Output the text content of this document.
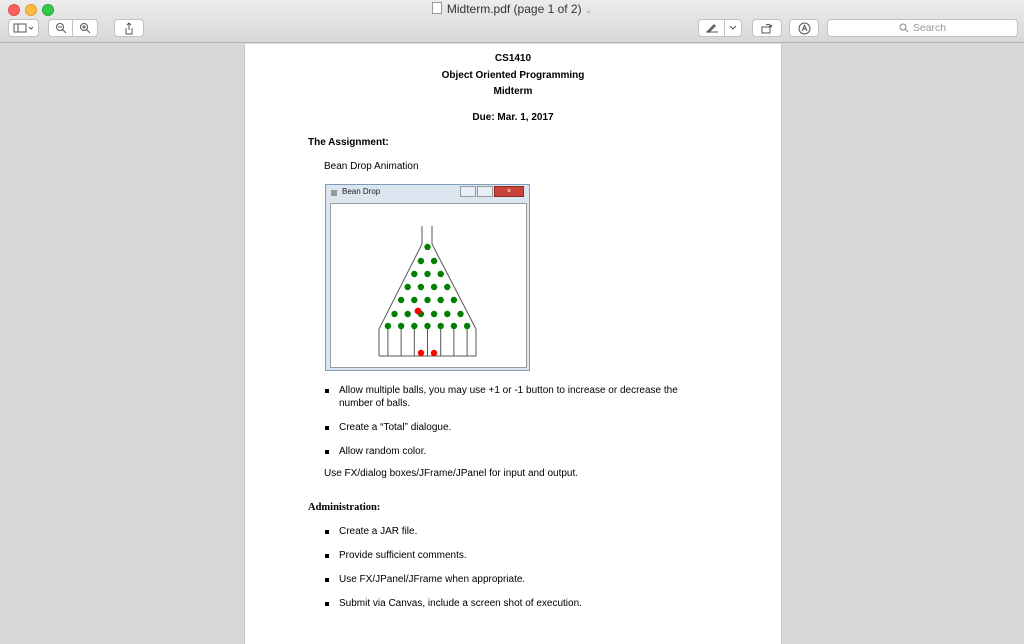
Midterm.pdf (page 1 of 2) ⌄
Search
CS1410
Object Oriented Programming
Midterm
Due: Mar. 1, 2017
The Assignment:
Bean Drop Animation
Bean Drop	×
Allow multiple balls, you may use +1 or -1 button to increase or decrease the
number of balls.
Create a “Total” dialogue.
Allow random color.
Use FX/dialog boxes/JFrame/JPanel for input and output.
Administration:
Create a JAR file.
Provide sufficient comments.
Use FX/JPanel/JFrame when appropriate.
Submit via Canvas, include a screen shot of execution.
